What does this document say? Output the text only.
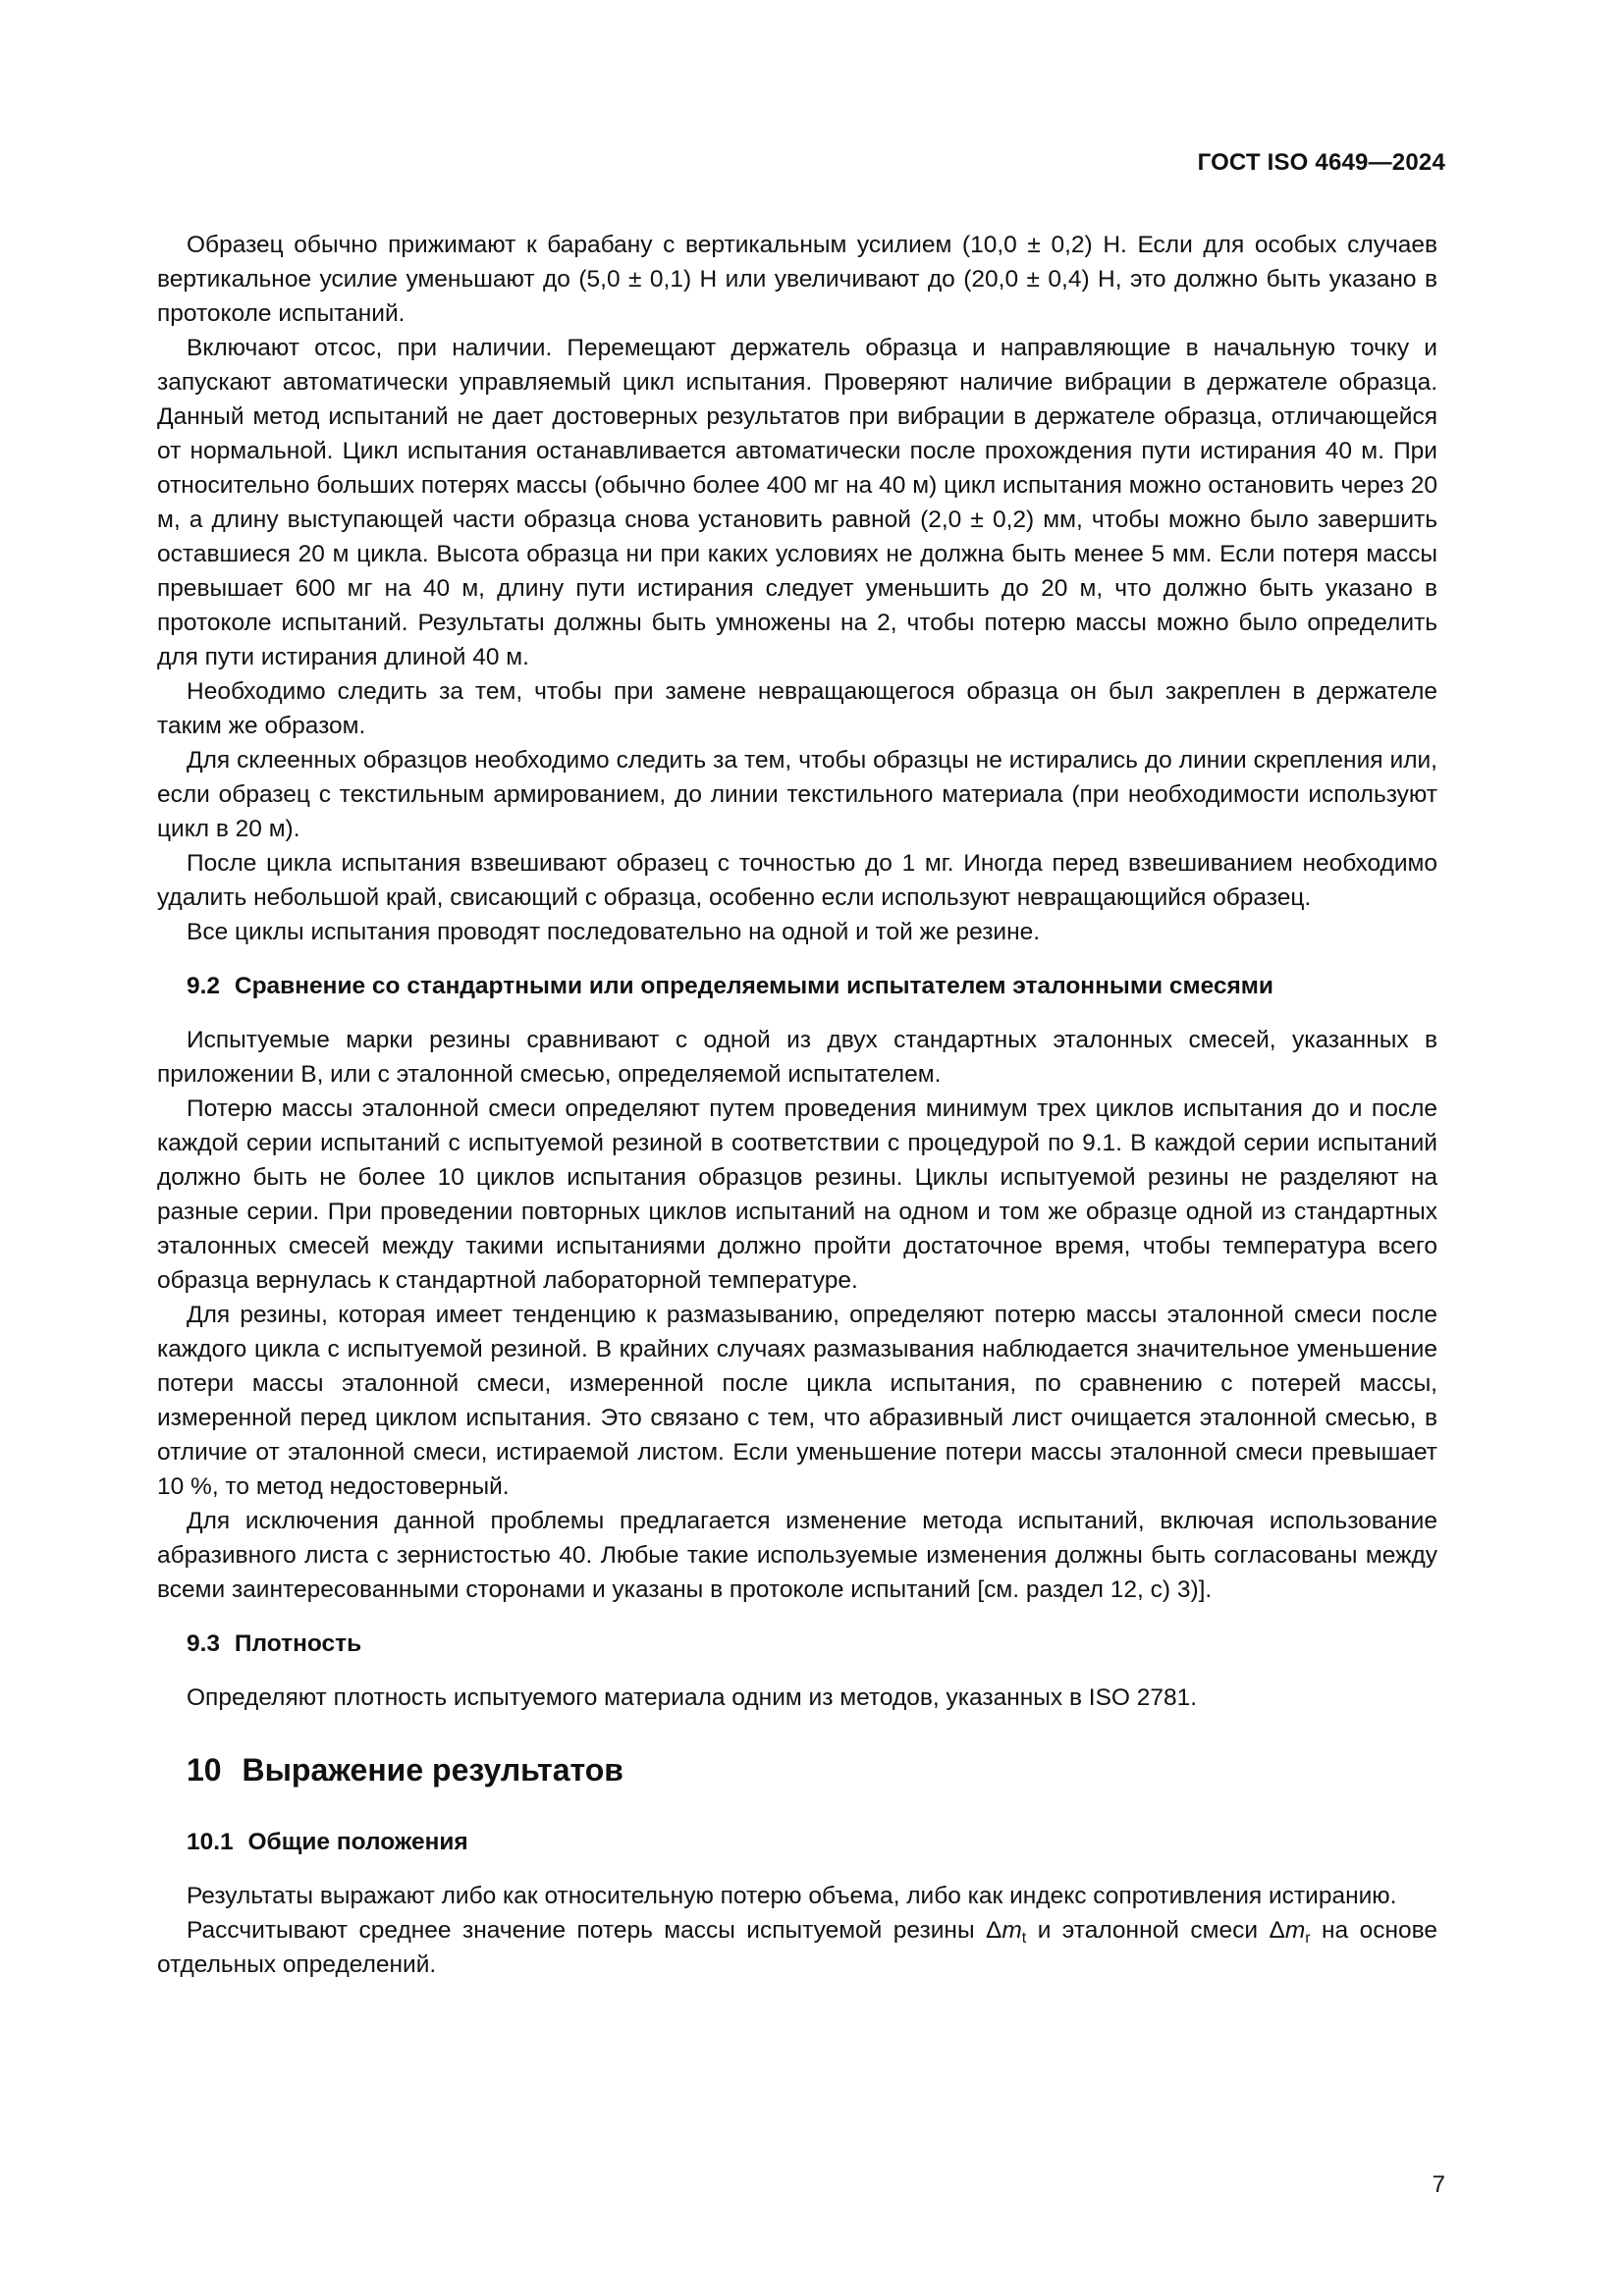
ГОСТ ISO 4649—2024

Образец обычно прижимают к барабану с вертикальным усилием (10,0 ± 0,2) Н. Если для особых случаев вертикальное усилие уменьшают до (5,0 ± 0,1) Н или увеличивают до (20,0 ± 0,4) Н, это должно быть указано в протоколе испытаний.

Включают отсос, при наличии. Перемещают держатель образца и направляющие в начальную точку и запускают автоматически управляемый цикл испытания. Проверяют наличие вибрации в держателе образца. Данный метод испытаний не дает достоверных результатов при вибрации в держателе образца, отличающейся от нормальной. Цикл испытания останавливается автоматически после прохождения пути истирания 40 м. При относительно больших потерях массы (обычно более 400 мг на 40 м) цикл испытания можно остановить через 20 м, а длину выступающей части образца снова установить равной (2,0 ± 0,2) мм, чтобы можно было завершить оставшиеся 20 м цикла. Высота образца ни при каких условиях не должна быть менее 5 мм. Если потеря массы превышает 600 мг на 40 м, длину пути истирания следует уменьшить до 20 м, что должно быть указано в протоколе испытаний. Результаты должны быть умножены на 2, чтобы потерю массы можно было определить для пути истирания длиной 40 м.

Необходимо следить за тем, чтобы при замене невращающегося образца он был закреплен в держателе таким же образом.

Для склеенных образцов необходимо следить за тем, чтобы образцы не истирались до линии скрепления или, если образец с текстильным армированием, до линии текстильного материала (при необходимости используют цикл в 20 м).

После цикла испытания взвешивают образец с точностью до 1 мг. Иногда перед взвешиванием необходимо удалить небольшой край, свисающий с образца, особенно если используют невращающийся образец.

Все циклы испытания проводят последовательно на одной и той же резине.

9.2 Сравнение со стандартными или определяемыми испытателем эталонными смесями

Испытуемые марки резины сравнивают с одной из двух стандартных эталонных смесей, указанных в приложении В, или с эталонной смесью, определяемой испытателем.

Потерю массы эталонной смеси определяют путем проведения минимум трех циклов испытания до и после каждой серии испытаний с испытуемой резиной в соответствии с процедурой по 9.1. В каждой серии испытаний должно быть не более 10 циклов испытания образцов резины. Циклы испытуемой резины не разделяют на разные серии. При проведении повторных циклов испытаний на одном и том же образце одной из стандартных эталонных смесей между такими испытаниями должно пройти достаточное время, чтобы температура всего образца вернулась к стандартной лабораторной температуре.

Для резины, которая имеет тенденцию к размазыванию, определяют потерю массы эталонной смеси после каждого цикла с испытуемой резиной. В крайних случаях размазывания наблюдается значительное уменьшение потери массы эталонной смеси, измеренной после цикла испытания, по сравнению с потерей массы, измеренной перед циклом испытания. Это связано с тем, что абразивный лист очищается эталонной смесью, в отличие от эталонной смеси, истираемой листом. Если уменьшение потери массы эталонной смеси превышает 10 %, то метод недостоверный.

Для исключения данной проблемы предлагается изменение метода испытаний, включая использование абразивного листа с зернистостью 40. Любые такие используемые изменения должны быть согласованы между всеми заинтересованными сторонами и указаны в протоколе испытаний [см. раздел 12, с) 3)].

9.3 Плотность

Определяют плотность испытуемого материала одним из методов, указанных в ISO 2781.

10 Выражение результатов
10.1 Общие положения

Результаты выражают либо как относительную потерю объема, либо как индекс сопротивления истиранию.

Рассчитывают среднее значение потерь массы испытуемой резины $\Delta m_t$ и эталонной смеси $\Delta m_r$ на основе отдельных определений.

7
